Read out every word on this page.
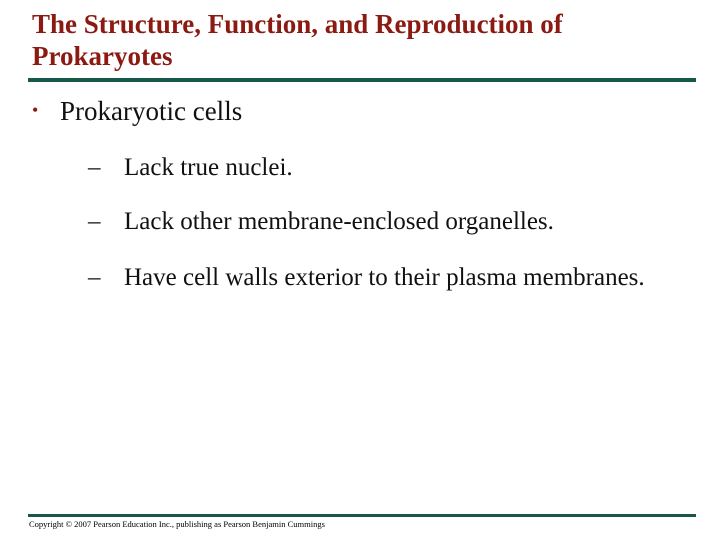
The Structure, Function, and Reproduction of Prokaryotes
• Prokaryotic cells
– Lack true nuclei.
– Lack other membrane-enclosed organelles.
– Have cell walls exterior to their plasma membranes.
Copyright © 2007 Pearson Education Inc., publishing as Pearson Benjamin Cummings
